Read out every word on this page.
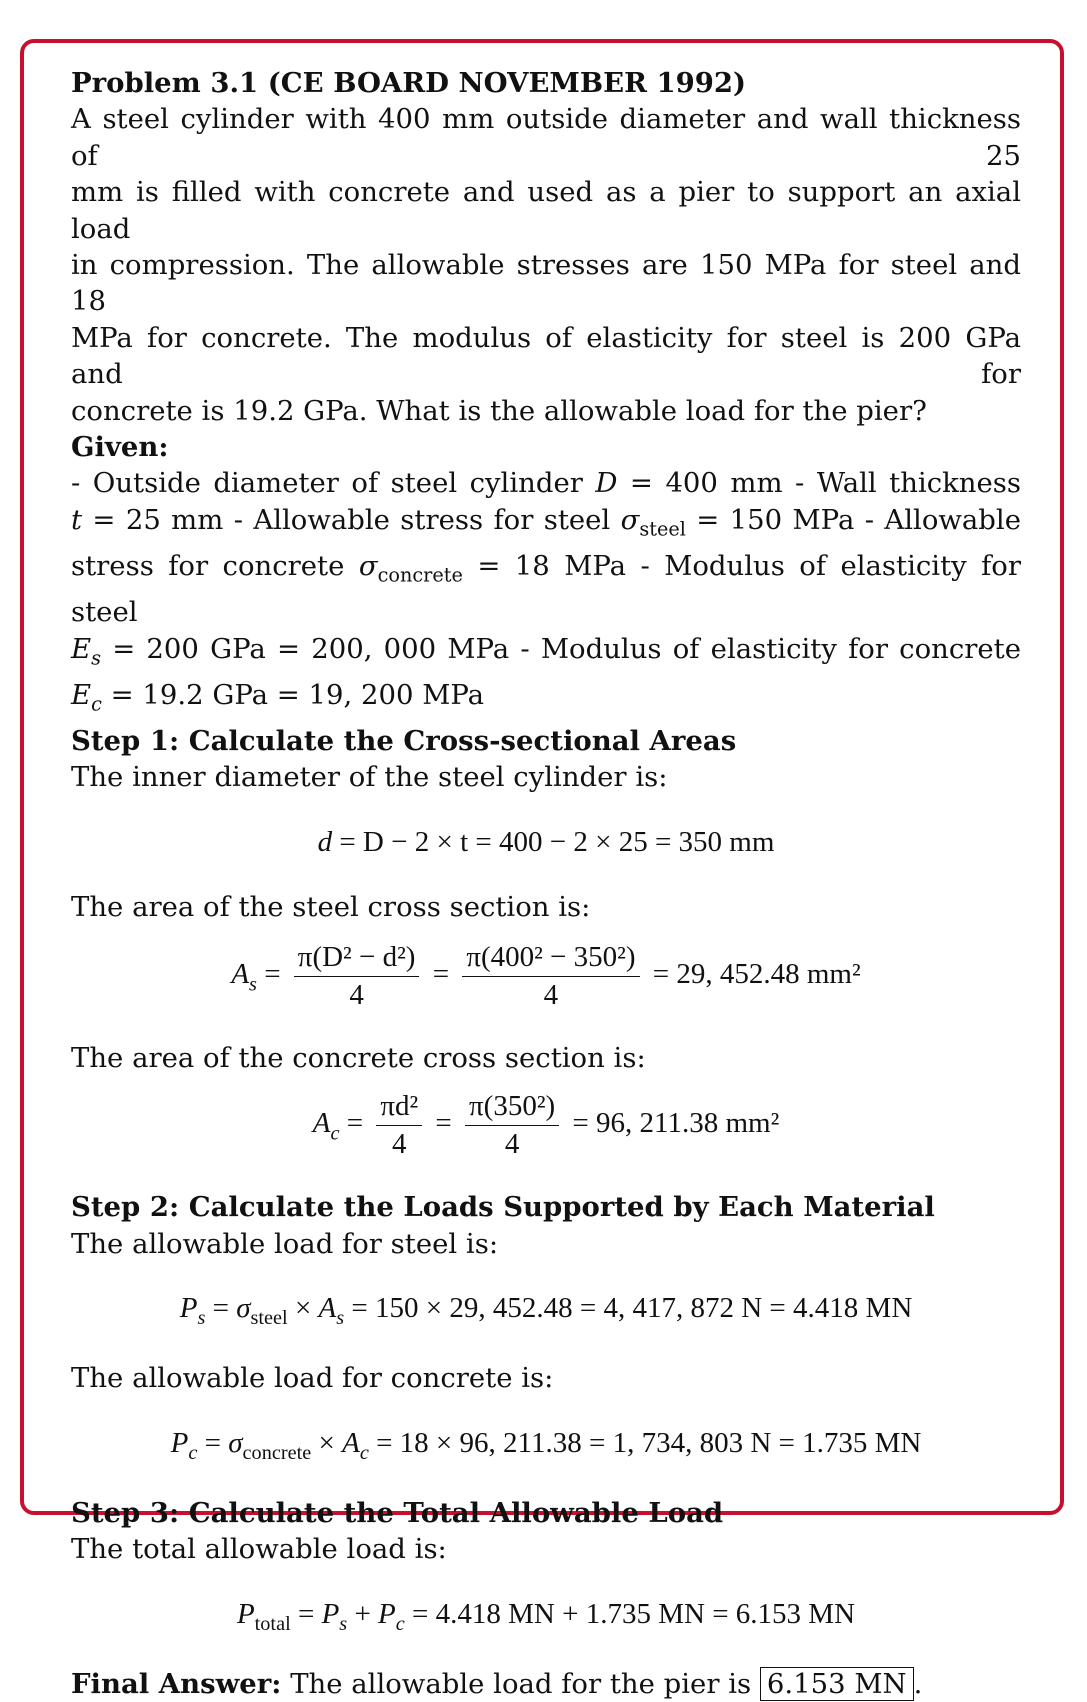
Problem 3.1 (CE BOARD NOVEMBER 1992)
A steel cylinder with 400 mm outside diameter and wall thickness of 25
mm is filled with concrete and used as a pier to support an axial load
in compression. The allowable stresses are 150 MPa for steel and 18
MPa for concrete. The modulus of elasticity for steel is 200 GPa and for
concrete is 19.2 GPa. What is the allowable load for the pier?
Given:
- Outside diameter of steel cylinder D = 400 mm - Wall thickness
t = 25 mm - Allowable stress for steel $\sigma_{steel} = 150$ MPa - Allowable
stress for concrete $\sigma_{concrete} = 18$ MPa - Modulus of elasticity for steel
$E_s = 200$ GPa = 200, 000 MPa - Modulus of elasticity for concrete
$E_c = 19.2$ GPa = 19, 200 MPa
Step 1: Calculate the Cross-sectional Areas
The inner diameter of the steel cylinder is:
d = D − 2 × t = 400 − 2 × 25 = 350 mm
The area of the steel cross section is:
$A_s = \frac{\text{π(D² − d²)}}{4} = \frac{\text{π(400² − 350²)}}{4} = 29$, 452.48 mm²
The area of the concrete cross section is:
$A_c = \frac{\text{πd²}}{4} = \frac{\text{π(350²)}}{4} = 96$, 211.38 mm²
Step 2: Calculate the Loads Supported by Each Material
The allowable load for steel is:
$P_s = \sigma_{steel} \times A_s = 150 \times 29$, 452.48 = 4, 417, 872 N = 4.418 MN
The allowable load for concrete is:
$P_c = \sigma_{concrete} \times A_c = 18 \times 96$, 211.38 = 1, 734, 803 N = 1.735 MN
Step 3: Calculate the Total Allowable Load
The total allowable load is:
$P_{total} = P_s + P_c = 4.418$ MN + 1.735 MN = 6.153 MN
Final Answer: The allowable load for the pier is 6.153 MN .
